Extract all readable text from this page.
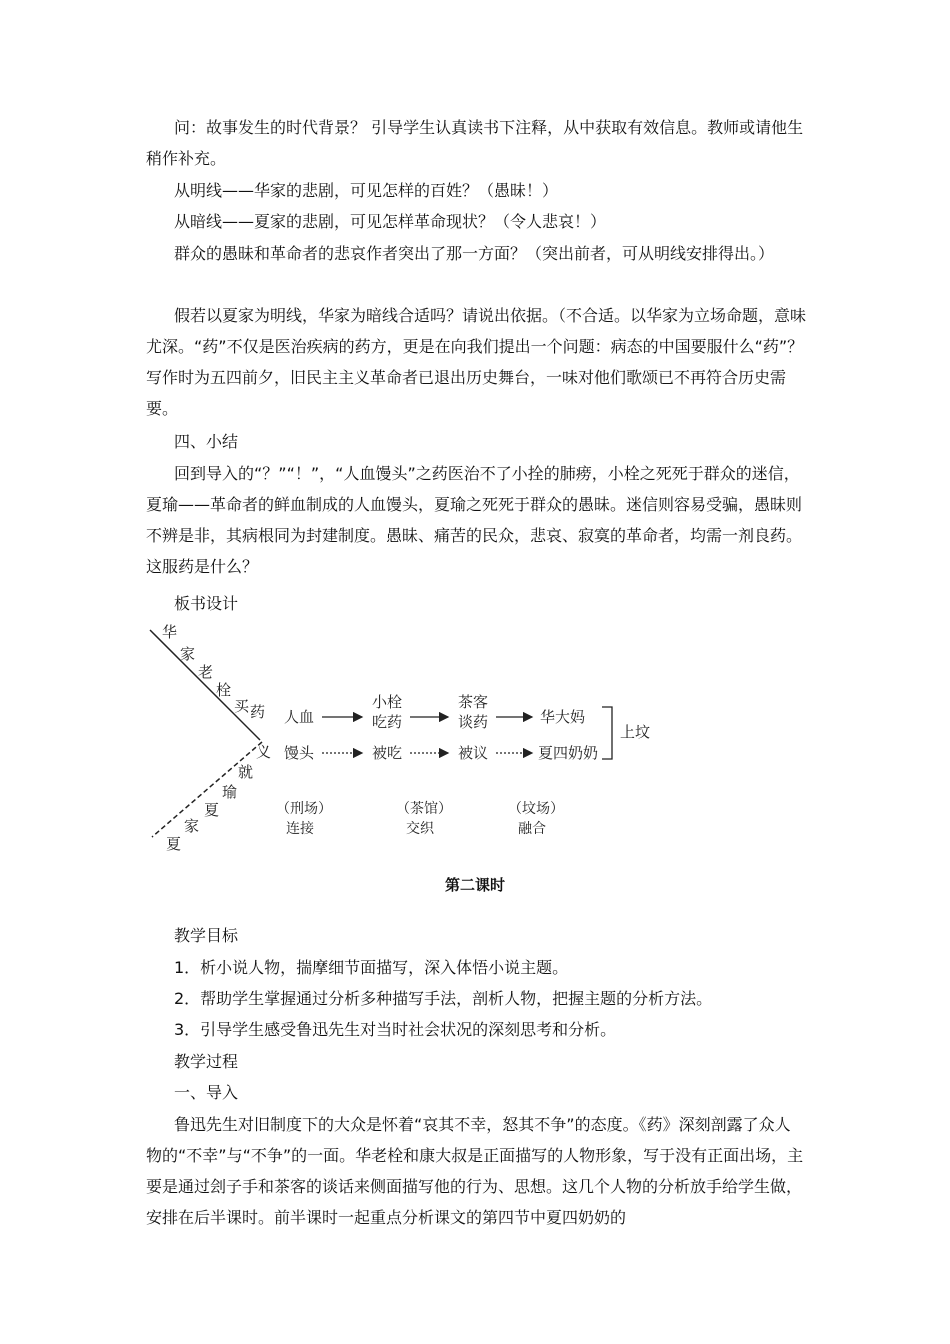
问：故事发生的时代背景？ 引导学生认真读书下注释，从中获取有效信息。教师或请他生稍作补充。

从明线——华家的悲剧，可见怎样的百姓？（愚昧！）

从暗线——夏家的悲剧，可见怎样革命现状？（令人悲哀！）

群众的愚昧和革命者的悲哀作者突出了那一方面？（突出前者，可从明线安排得出。）

假若以夏家为明线，华家为暗线合适吗？请说出依据。（不合适。以华家为立场命题，意味尤深。“药”不仅是医治疾病的药方，更是在向我们提出一个问题：病态的中国要服什么“药”？写作时为五四前夕，旧民主主义革命者已退出历史舞台，一味对他们歌颂已不再符合历史需要。

四、小结

回到导入的“？”“！”，“人血馒头”之药医治不了小拴的肺痨，小栓之死死于群众的迷信，夏瑜——革命者的鲜血制成的人血馒头，夏瑜之死死于群众的愚昧。迷信则容易受骗，愚昧则不辨是非，其病根同为封建制度。愚昧、痛苦的民众，悲哀、寂寞的革命者，均需一剂良药。这服药是什么？

板书设计

华
家
老
栓
买 药
义
就
瑜
夏
家
夏
人血
小栓
吃药
茶客
谈药	华大妈
馒头	被吃	被议	夏四奶奶
上坟
（刑场）
连接
（茶馆）
交织
（坟场）
融合

第二课时

教学目标

1．析小说人物，揣摩细节面描写，深入体悟小说主题。

2．帮助学生掌握通过分析多种描写手法，剖析人物，把握主题的分析方法。

3．引导学生感受鲁迅先生对当时社会状况的深刻思考和分析。

教学过程

一、导入

鲁迅先生对旧制度下的大众是怀着“哀其不幸，怒其不争”的态度。《药》深刻剖露了众人物的“不幸”与“不争”的一面。华老栓和康大叔是正面描写的人物形象，写于没有正面出场，主要是通过刽子手和茶客的谈话来侧面描写他的行为、思想。这几个人物的分析放手给学生做，安排在后半课时。前半课时一起重点分析课文的第四节中夏四奶奶的
